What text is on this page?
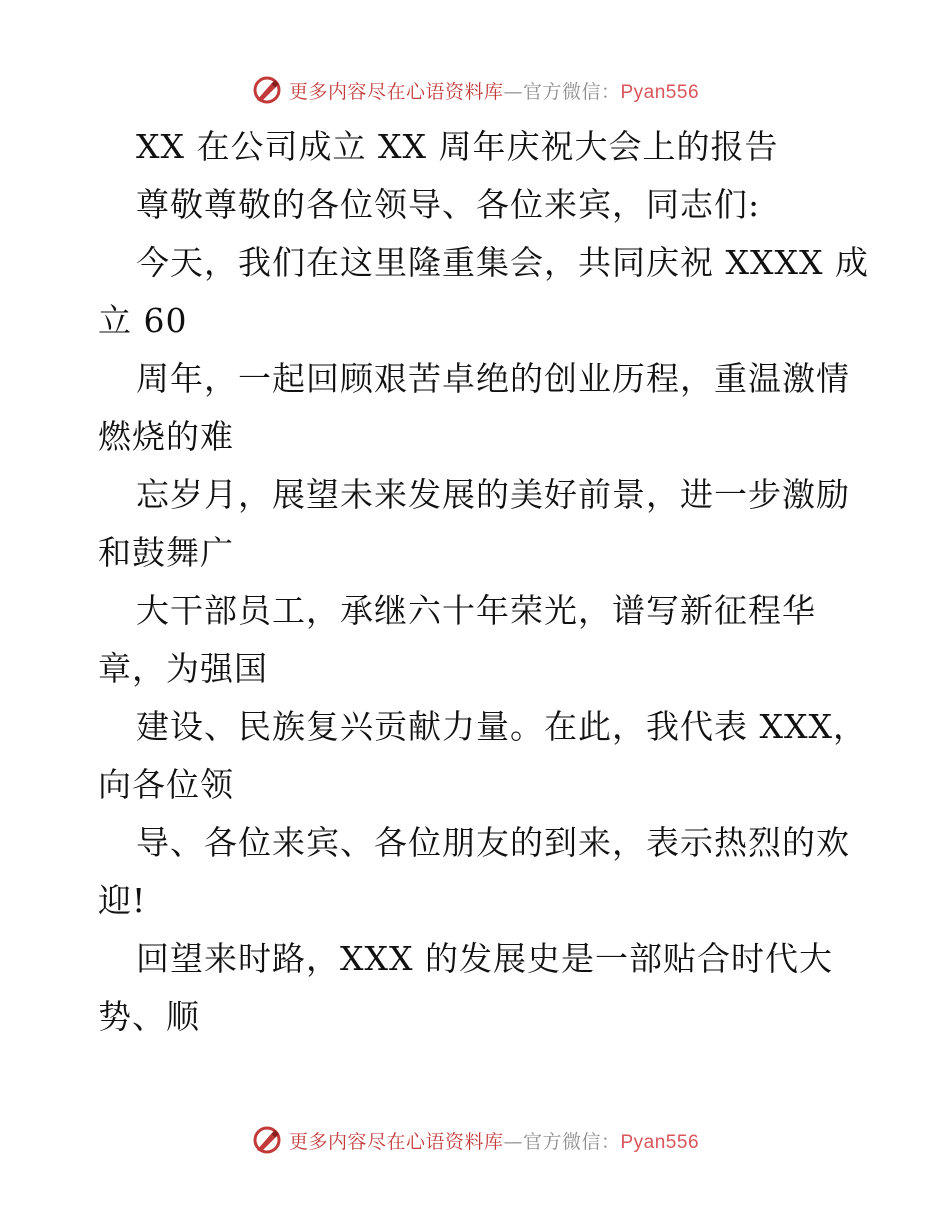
更多内容尽在心语资料库—官方微信：Pyan556
XX 在公司成立 XX 周年庆祝大会上的报告
尊敬尊敬的各位领导、各位来宾，同志们:
今天，我们在这里隆重集会，共同庆祝 XXXX 成
立 60
周年，一起回顾艰苦卓绝的创业历程，重温激情
燃烧的难
忘岁月，展望未来发展的美好前景，进一步激励
和鼓舞广
大干部员工，承继六十年荣光，谱写新征程华
章，为强国
建设、民族复兴贡献力量。在此，我代表 XXX，
向各位领
导、各位来宾、各位朋友的到来，表示热烈的欢
迎!
回望来时路，XXX 的发展史是一部贴合时代大
势、顺
更多内容尽在心语资料库—官方微信：Pyan556
